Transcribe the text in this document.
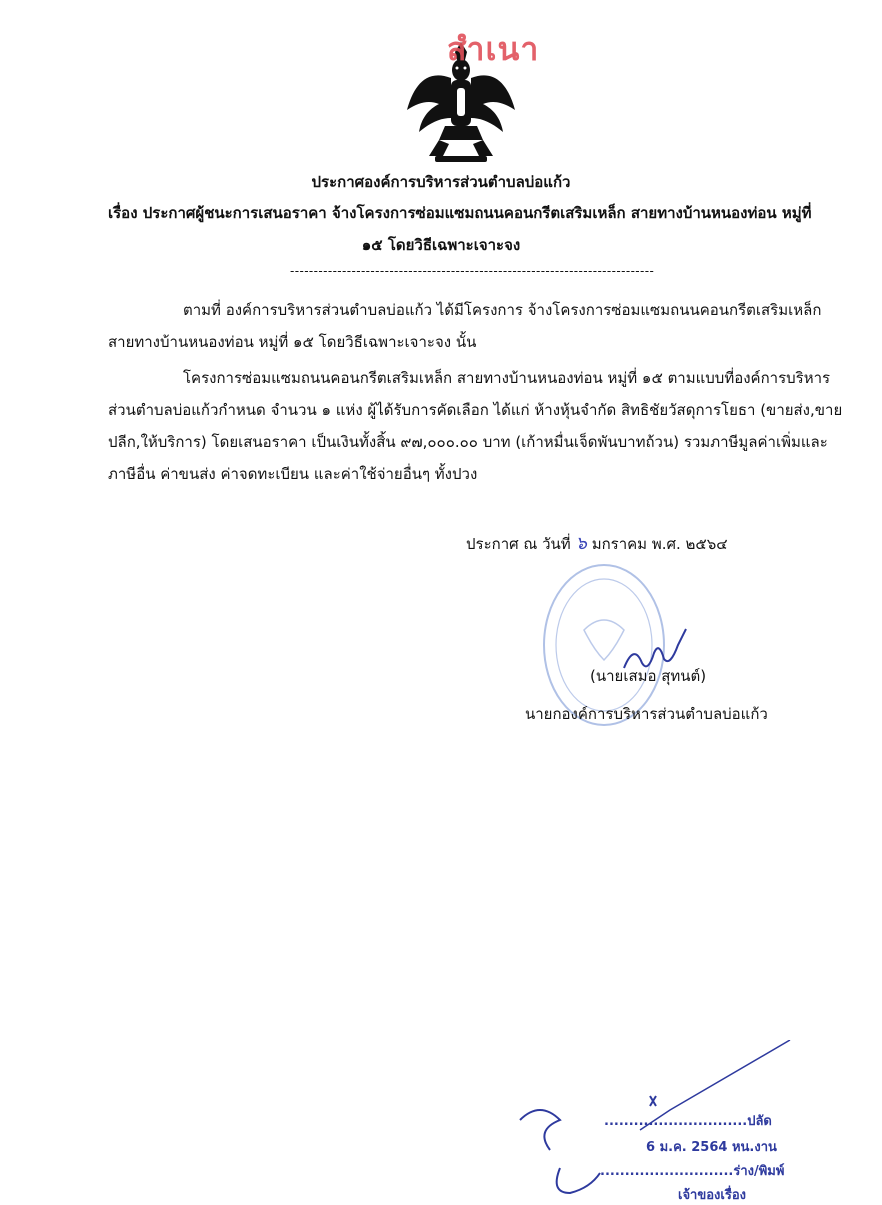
สำเนา
ประกาศองค์การบริหารส่วนตำบลบ่อแก้ว
เรื่อง ประกาศผู้ชนะการเสนอราคา จ้างโครงการซ่อมแซมถนนคอนกรีตเสริมเหล็ก สายทางบ้านหนองท่อน หมู่ที่
๑๕ โดยวิธีเฉพาะเจาะจง
-----------------------------------------------------------------------------
ตามที่ องค์การบริหารส่วนตำบลบ่อแก้ว ได้มีโครงการ จ้างโครงการซ่อมแซมถนนคอนกรีตเสริมเหล็ก
สายทางบ้านหนองท่อน หมู่ที่ ๑๕ โดยวิธีเฉพาะเจาะจง นั้น
โครงการซ่อมแซมถนนคอนกรีตเสริมเหล็ก สายทางบ้านหนองท่อน หมู่ที่ ๑๕ ตามแบบที่องค์การบริหาร
ส่วนตำบลบ่อแก้วกำหนด จำนวน ๑ แห่ง ผู้ได้รับการคัดเลือก ได้แก่ ห้างหุ้นจำกัด สิทธิชัยวัสดุการโยธา (ขายส่ง,ขาย
ปลีก,ให้บริการ) โดยเสนอราคา เป็นเงินทั้งสิ้น ๙๗,๐๐๐.๐๐ บาท (เก้าหมื่นเจ็ดพันบาทถ้วน) รวมภาษีมูลค่าเพิ่มและ
ภาษีอื่น ค่าขนส่ง ค่าจดทะเบียน และค่าใช้จ่ายอื่นๆ ทั้งปวง
ประกาศ ณ วันที่ ๖ มกราคม พ.ศ. ๒๕๖๔
(นายเสมอ สุทนต์)
นายกองค์การบริหารส่วนตำบลบ่อแก้ว
.............................ปลัด
6 ม.ค. 2564 หน.งาน
...........................ร่าง/พิมพ์
เจ้าของเรื่อง
